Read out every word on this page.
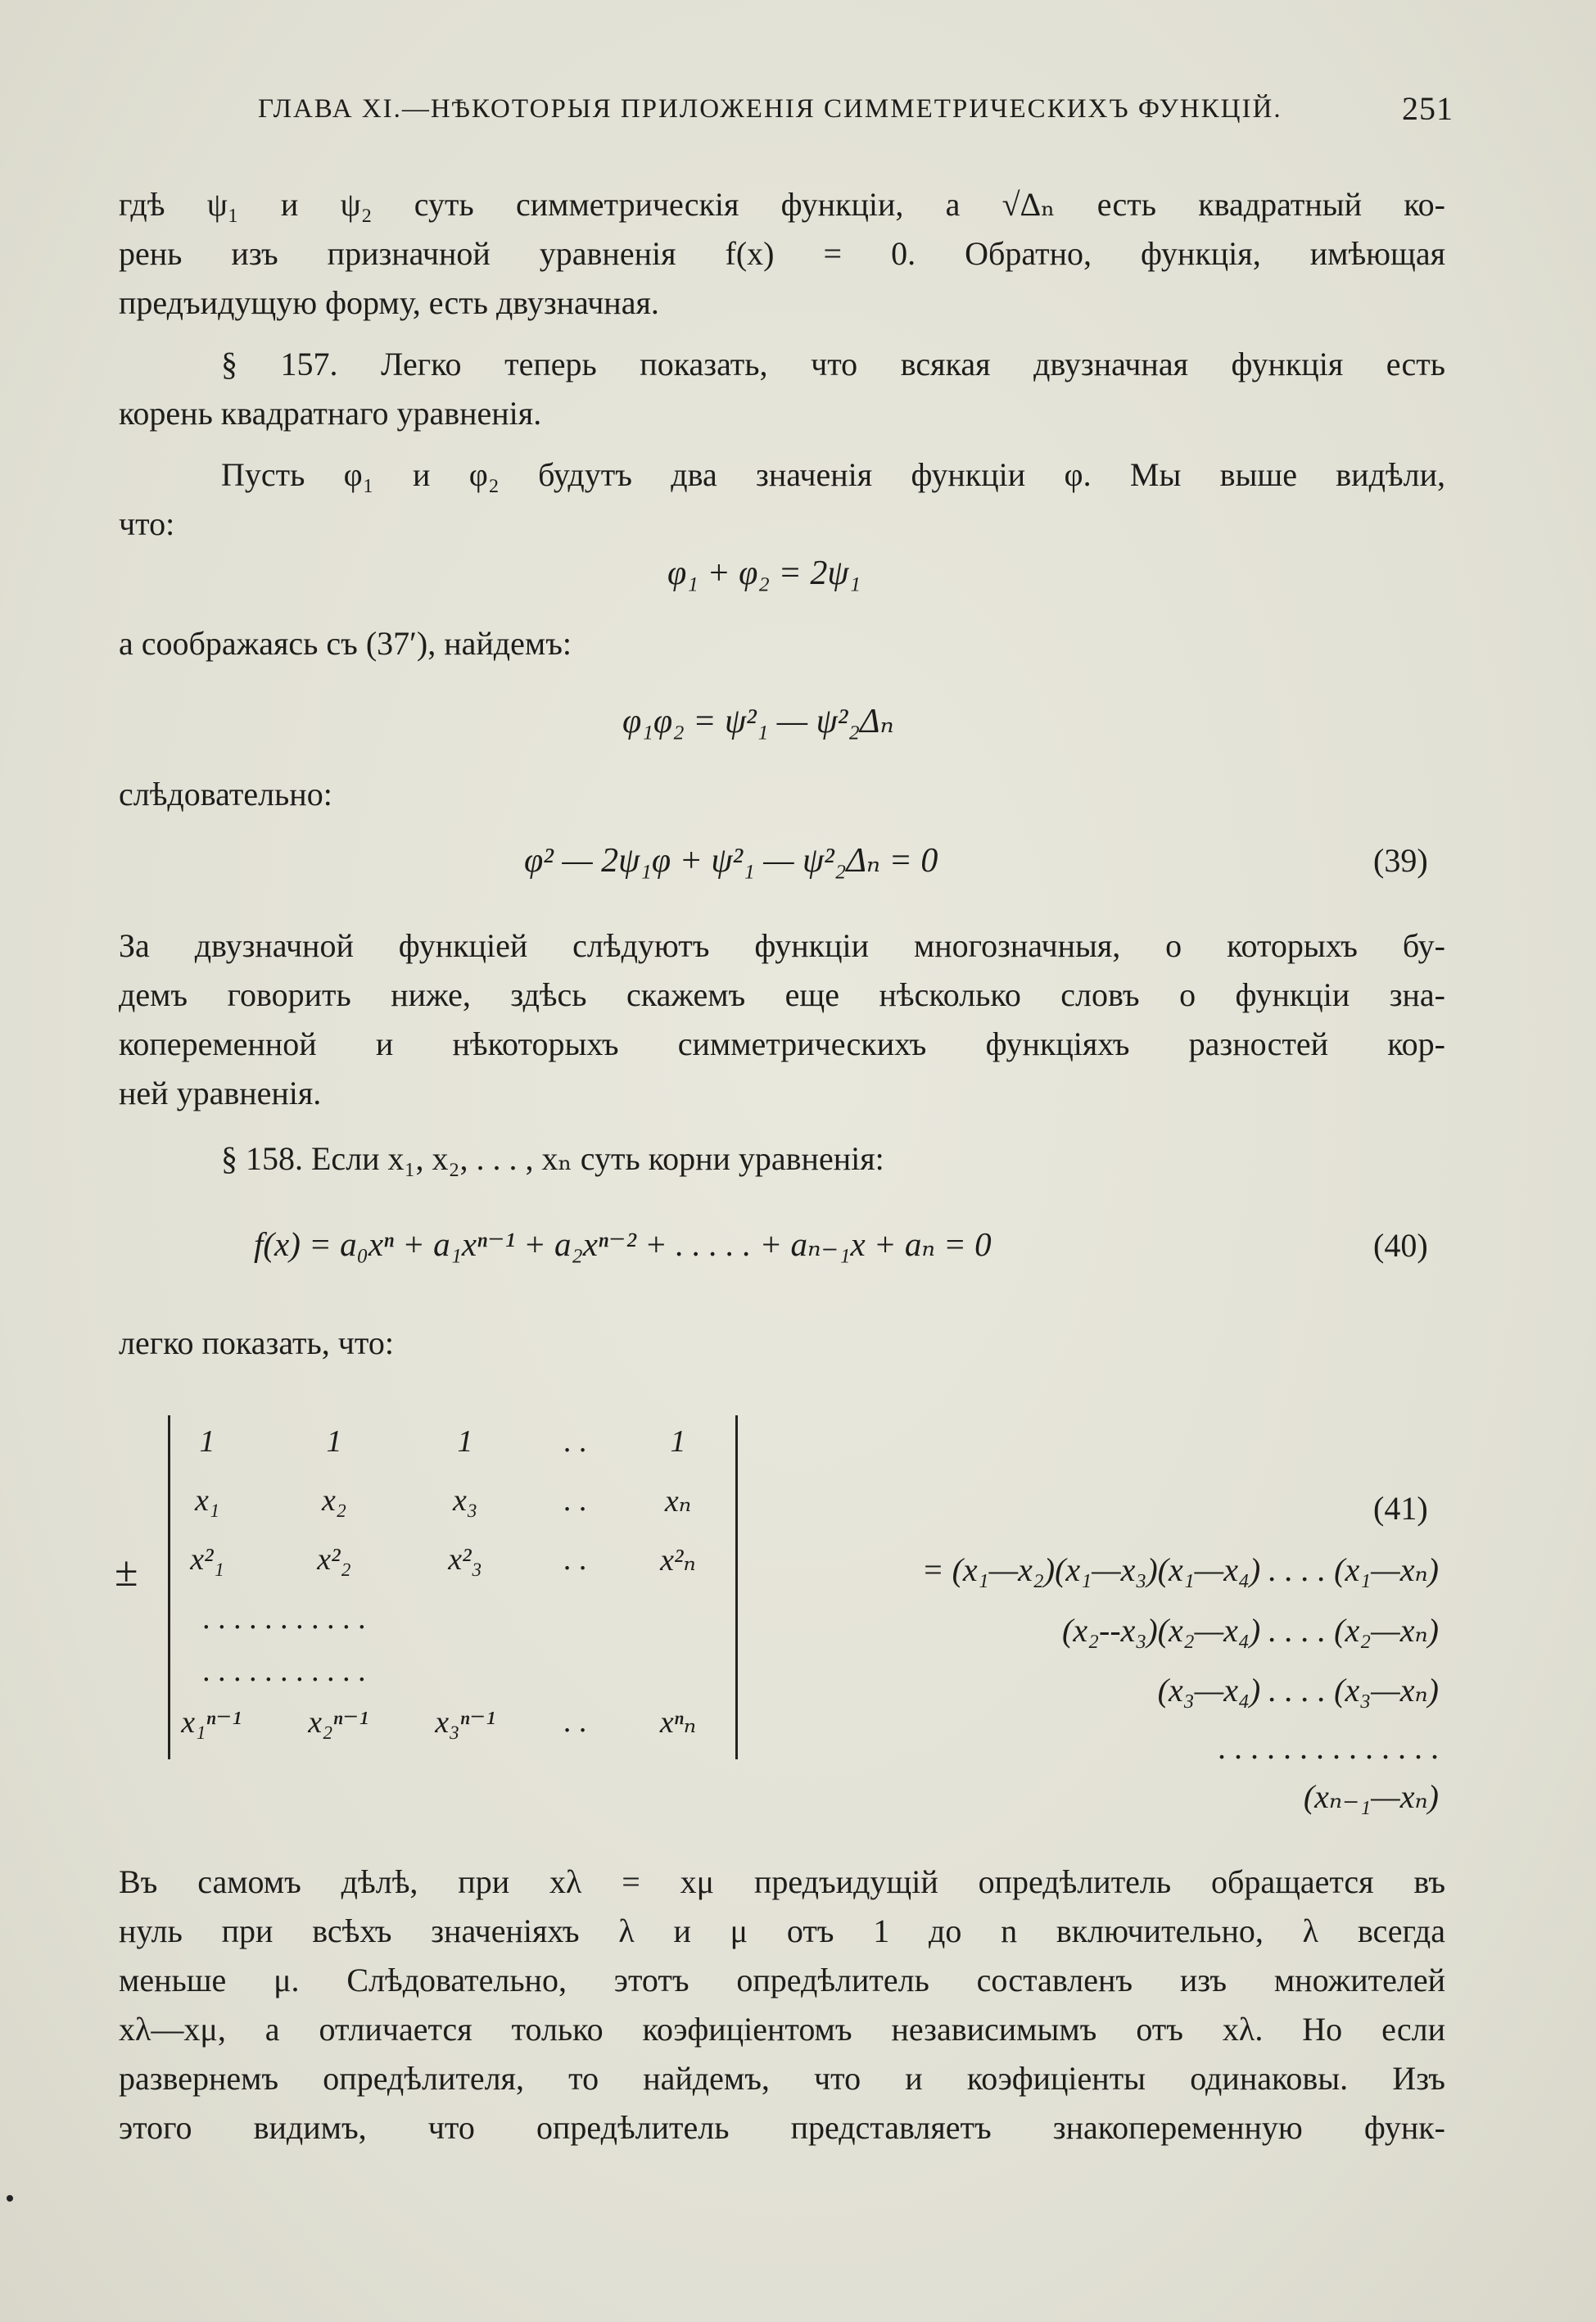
ГЛАВА XI.—НѢКОТОРЫЯ ПРИЛОЖЕНІЯ СИММЕТРИЧЕСКИХЪ ФУНКЦІЙ.	251
гдѣ ψ₁ и ψ₂ суть симметрическія функціи, а √Δₙ есть квадратный ко-
рень изъ призначной уравненія f(x) = 0. Обратно, функція, имѣющая
предъидущую форму, есть двузначная.
§ 157. Легко теперь показать, что всякая двузначная функція есть
корень квадратнаго уравненія.
Пусть φ₁ и φ₂ будутъ два значенія функціи φ. Мы выше видѣли,
что:
φ₁ + φ₂ = 2ψ₁
а соображаясь съ (37′), найдемъ:
φ₁φ₂ = ψ²₁ — ψ²₂Δₙ
слѣдовательно:
φ² — 2ψ₁φ + ψ²₁ — ψ²₂Δₙ = 0	(39)
За двузначной функціей слѣдуютъ функціи многозначныя, о которыхъ бу-
демъ говорить ниже, здѣсь скажемъ еще нѣсколько словъ о функціи зна-
копеременной и нѣкоторыхъ симметрическихъ функціяхъ разностей кор-
ней уравненія.
§ 158. Если x₁, x₂, . . . , xₙ суть корни уравненія:
f(x) = a₀xⁿ + a₁xⁿ⁻¹ + a₂xⁿ⁻² + . . . . . + aₙ₋₁x + aₙ = 0	(40)
легко показать, что:
±
1	1	1	. .	1
x₁	x₂	x₃	. .	xₙ
x²₁	x²₂	x²₃	. .	x²ₙ
. . . . . . . . . . .
. . . . . . . . . . .
x₁ⁿ⁻¹	x₂ⁿ⁻¹	x₃ⁿ⁻¹	. .	xⁿₙ
(41)
= (x₁—x₂)(x₁—x₃)(x₁—x₄) . . . . (x₁—xₙ)
(x₂--x₃)(x₂—x₄) . . . . (x₂—xₙ)
(x₃—x₄) . . . . (x₃—xₙ)
. . . . . . . . . . . . . .
(xₙ₋₁—xₙ)
Въ самомъ дѣлѣ, при xλ = xμ предъидущій опредѣлитель обращается въ
нуль при всѣхъ значеніяхъ λ и μ отъ 1 до n включительно, λ всегда
меньше μ. Слѣдовательно, этотъ опредѣлитель составленъ изъ множителей
xλ—xμ, а отличается только коэфиціентомъ независимымъ отъ xλ. Но если
развернемъ опредѣлителя, то найдемъ, что и коэфиціенты одинаковы. Изъ
этого видимъ, что опредѣлитель представляетъ знакопеременную функ-
